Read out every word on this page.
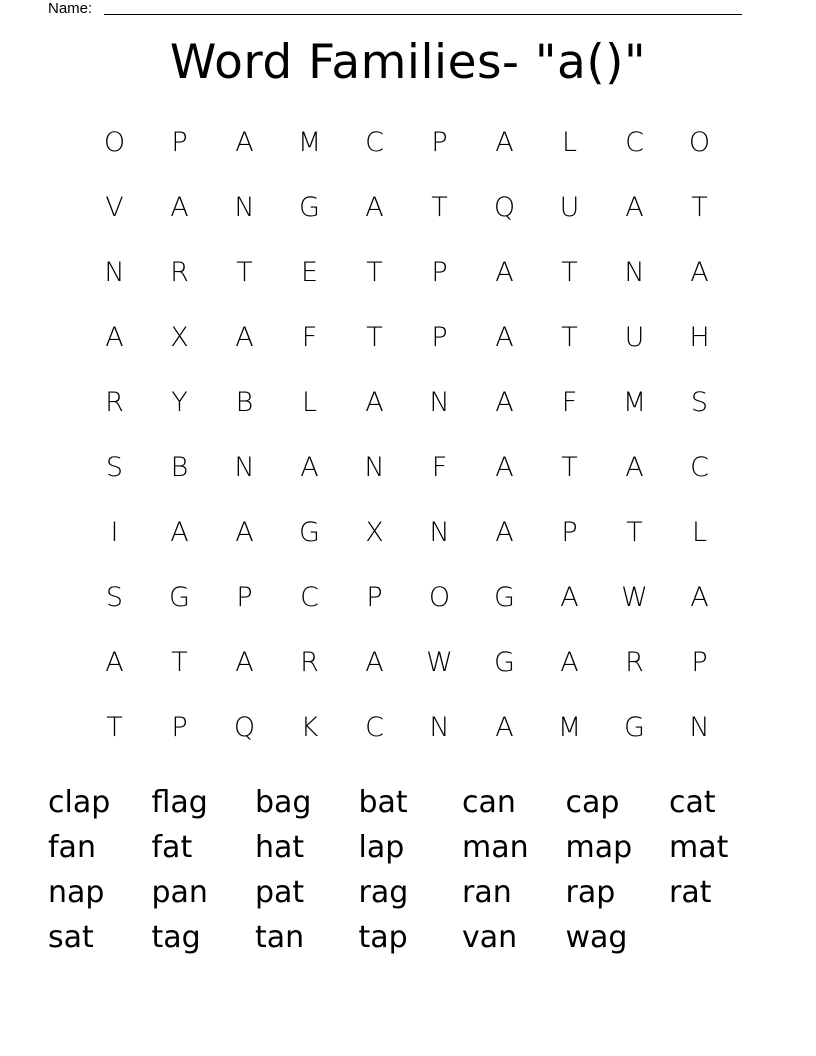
Name:
Word Families- "a()"
O	P	A	M	C	P	A	L	C	O
V	A	N	G	A	T	Q	U	A	T
N	R	T	E	T	P	A	T	N	A
A	X	A	F	T	P	A	T	U	H
R	Y	B	L	A	N	A	F	M	S
S	B	N	A	N	F	A	T	A	C
I	A	A	G	X	N	A	P	T	L
S	G	P	C	P	O	G	A	W	A
A	T	A	R	A	W	G	A	R	P
T	P	Q	K	C	N	A	M	G	N
clap	flag	bag	bat	can	cap	cat
fan	fat	hat	lap	man	map	mat
nap	pan	pat	rag	ran	rap	rat
sat	tag	tan	tap	van	wag
